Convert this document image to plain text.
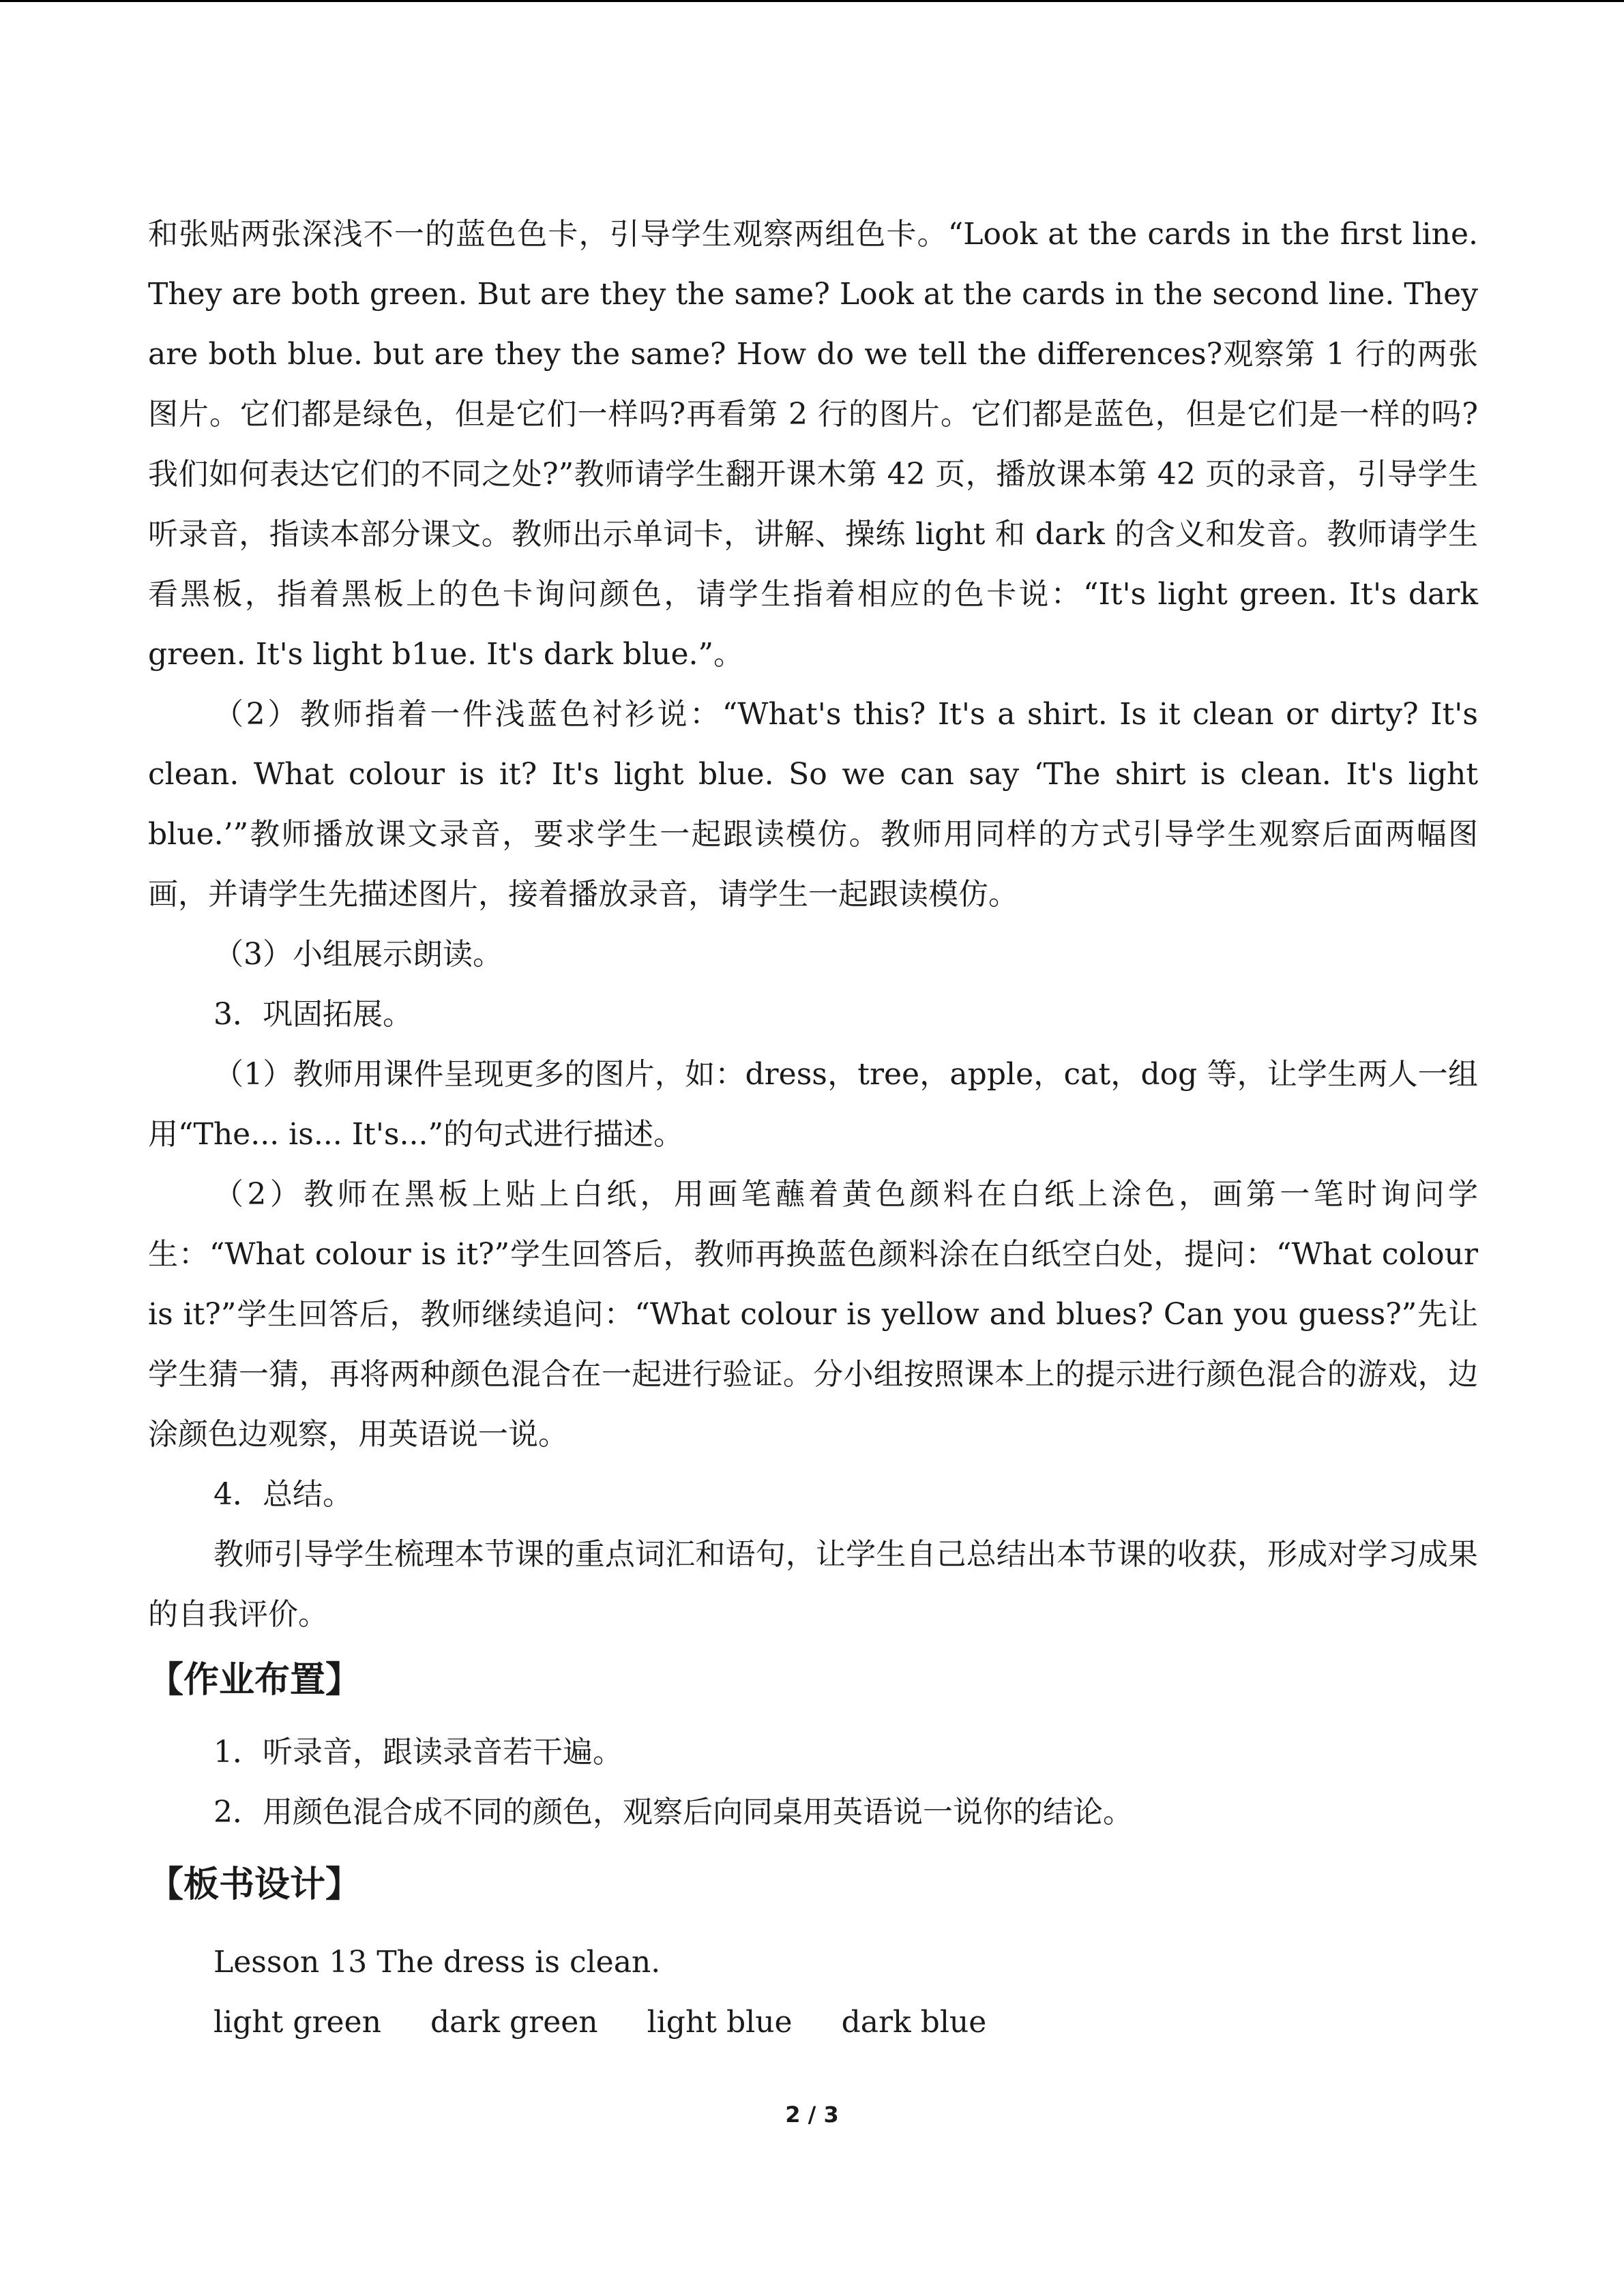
和张贴两张深浅不一的蓝色色卡，引导学生观察两组色卡。“Look at the cards in the first line. They are both green. But are they the same? Look at the cards in the second line. They are both blue. but are they the same? How do we tell the differences?观察第 1 行的两张图片。它们都是绿色，但是它们一样吗?再看第 2 行的图片。它们都是蓝色，但是它们是一样的吗?我们如何表达它们的不同之处?”教师请学生翻开课木第 42 页，播放课本第 42 页的录音，引导学生听录音，指读本部分课文。教师出示单词卡，讲解、操练 light 和 dark 的含义和发音。教师请学生看黑板，指着黑板上的色卡询问颜色，请学生指着相应的色卡说：“It's light green. It's dark green. It's light b1ue. It's dark blue.”。

（2）教师指着一件浅蓝色衬衫说：“What's this? It's a shirt. Is it clean or dirty? It's clean. What colour is it? It's light blue. So we can say ‘The shirt is clean. It's light blue.’”教师播放课文录音，要求学生一起跟读模仿。教师用同样的方式引导学生观察后面两幅图画，并请学生先描述图片，接着播放录音，请学生一起跟读模仿。

（3）小组展示朗读。

3．巩固拓展。

（1）教师用课件呈现更多的图片，如：dress，tree，apple，cat，dog 等，让学生两人一组用“The... is... It's...”的句式进行描述。

（2）教师在黑板上贴上白纸，用画笔蘸着黄色颜料在白纸上涂色，画第一笔时询问学生：“What colour is it?”学生回答后，教师再换蓝色颜料涂在白纸空白处，提问：“What colour is it?”学生回答后，教师继续追问：“What colour is yellow and blues? Can you guess?”先让学生猜一猜，再将两种颜色混合在一起进行验证。分小组按照课本上的提示进行颜色混合的游戏，边涂颜色边观察，用英语说一说。

4．总结。

教师引导学生梳理本节课的重点词汇和语句，让学生自己总结出本节课的收获，形成对学习成果的自我评价。

【作业布置】

1．听录音，跟读录音若干遍。

2．用颜色混合成不同的颜色，观察后向同桌用英语说一说你的结论。

【板书设计】

Lesson 13 The dress is clean.

light green dark green light blue dark blue
2 / 3
